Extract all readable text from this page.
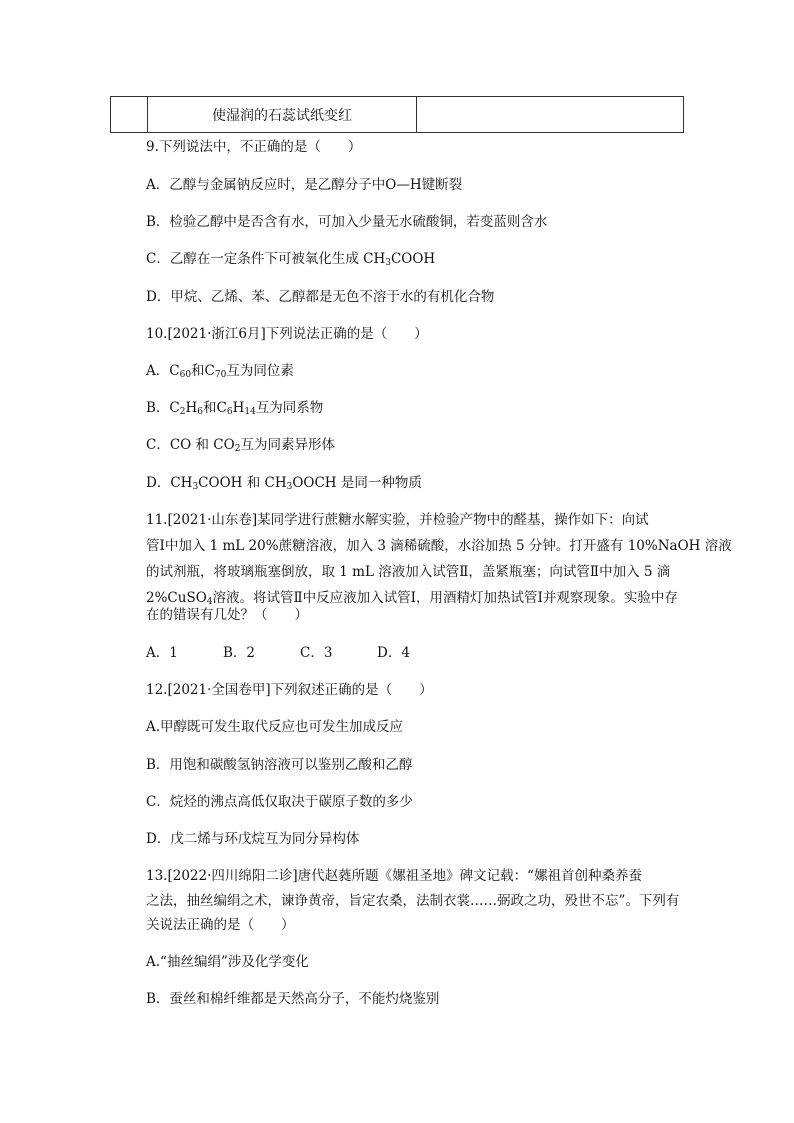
使湿润的石蕊试纸变红
9.下列说法中，不正确的是（　　）
A．乙醇与金属钠反应时，是乙醇分子中O—H键断裂
B．检验乙醇中是否含有水，可加入少量无水硫酸铜，若变蓝则含水
C．乙醇在一定条件下可被氧化生成 $CH_3COOH$
D．甲烷、乙烯、苯、乙醇都是无色不溶于水的有机化合物
10.[2021·浙江6月]下列说法正确的是（　　）
A．$C_{60}$和$C_{70}$互为同位素
B．$C_2H_6$和$C_6H_{14}$互为同系物
C．CO 和 $CO_2$互为同素异形体
D．$CH_3COOH$ 和 $CH_3OOCH$ 是同一种物质
11.[2021·山东卷]某同学进行蔗糖水解实验，并检验产物中的醛基，操作如下：向试
管Ⅰ中加入 1 mL 20%蔗糖溶液，加入 3 滴稀硫酸，水浴加热 5 分钟。打开盛有 10%NaOH 溶液
的试剂瓶，将玻璃瓶塞倒放，取 1 mL 溶液加入试管Ⅱ，盖紧瓶塞；向试管Ⅱ中加入 5 滴
2%CuSO$_4$溶液。将试管Ⅱ中反应液加入试管Ⅰ，用酒精灯加热试管Ⅰ并观察现象。实验中存
在的错误有几处？（　　）
A．1	B．2	C．3	D．4
12.[2021·全国卷甲]下列叙述正确的是（　　）
A.甲醇既可发生取代反应也可发生加成反应
B．用饱和碳酸氢钠溶液可以鉴别乙酸和乙醇
C．烷烃的沸点高低仅取决于碳原子数的多少
D．戊二烯与环戊烷互为同分异构体
13.[2022·四川绵阳二诊]唐代赵蕤所题《嫘祖圣地》碑文记载：“嫘祖首创种桑养蚕
之法，抽丝编绢之术，谏诤黄帝，旨定农桑，法制衣裳……弼政之功，殁世不忘”。下列有
关说法正确的是（　　）
A.“抽丝编绢”涉及化学变化
B．蚕丝和棉纤维都是天然高分子，不能灼烧鉴别
